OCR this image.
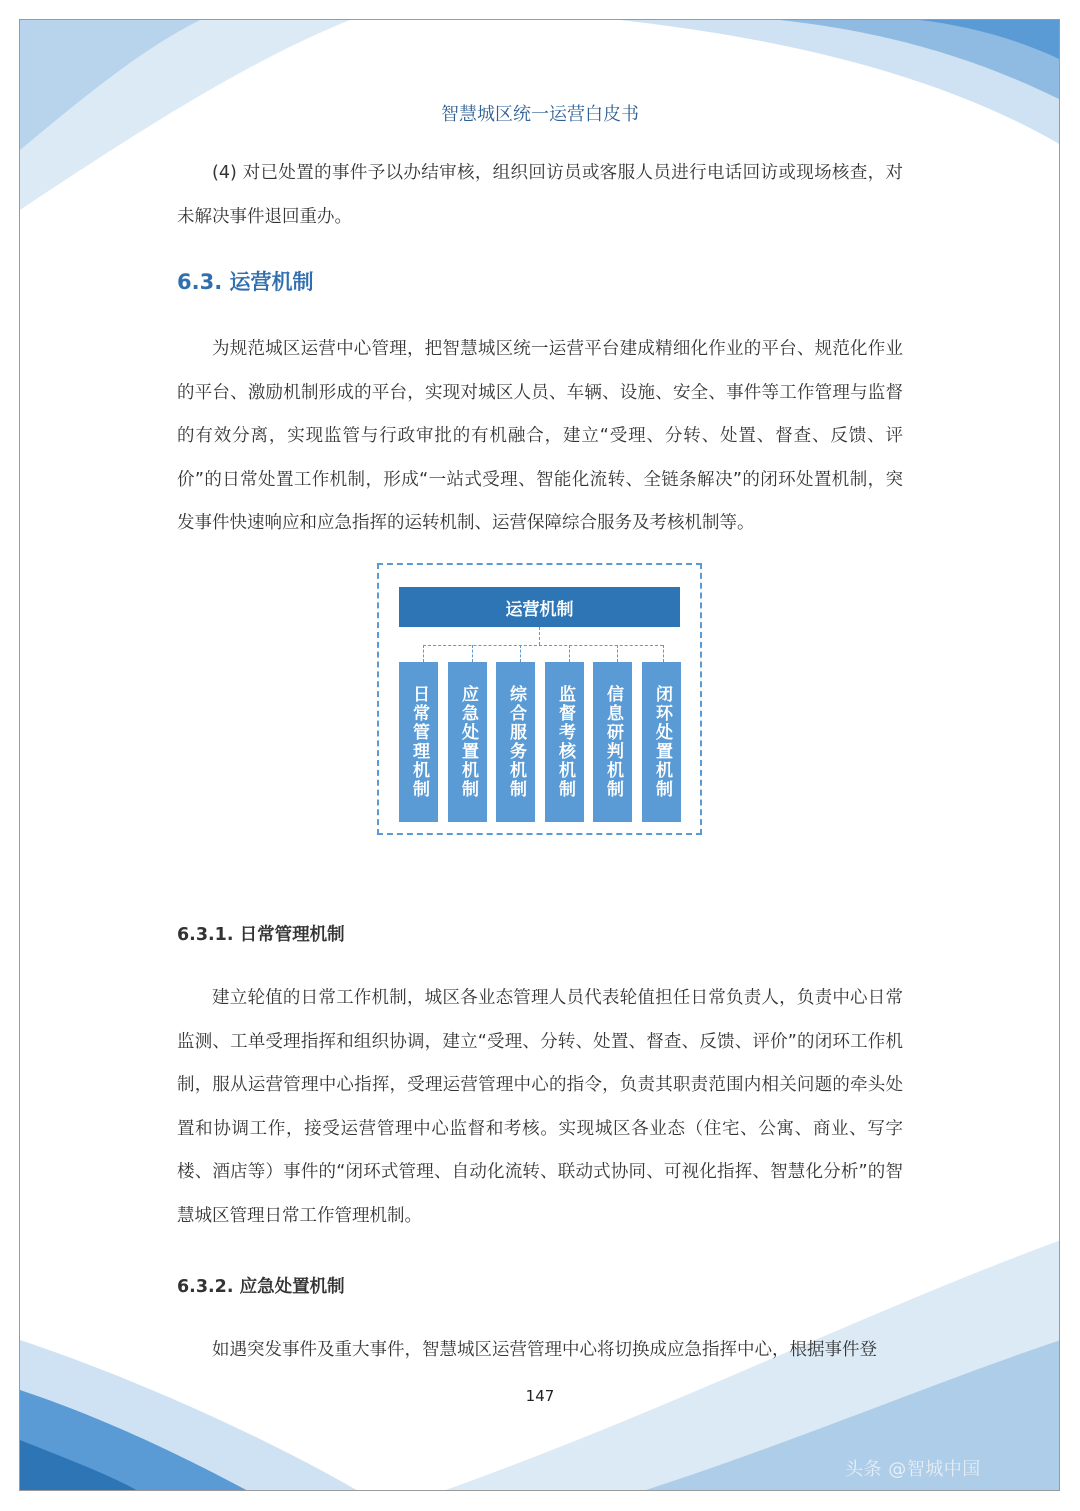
智慧城区统一运营白皮书

(4) 对已处置的事件予以办结审核，组织回访员或客服人员进行电话回访或现场核查，对未解决事件退回重办。

6.3. 运营机制

为规范城区运营中心管理，把智慧城区统一运营平台建成精细化作业的平台、规范化作业的平台、激励机制形成的平台，实现对城区人员、车辆、设施、安全、事件等工作管理与监督的有效分离，实现监管与行政审批的有机融合，建立“受理、分转、处置、督查、反馈、评价”的日常处置工作机制，形成“一站式受理、智能化流转、全链条解决”的闭环处置机制，突发事件快速响应和应急指挥的运转机制、运营保障综合服务及考核机制等。

运营机制
日常管理机制	应急处置机制	综合服务机制	监督考核机制	信息研判机制	闭环处置机制
6.3.1. 日常管理机制

建立轮值的日常工作机制，城区各业态管理人员代表轮值担任日常负责人，负责中心日常监测、工单受理指挥和组织协调，建立“受理、分转、处置、督查、反馈、评价”的闭环工作机制，服从运营管理中心指挥，受理运营管理中心的指令，负责其职责范围内相关问题的牵头处置和协调工作，接受运营管理中心监督和考核。实现城区各业态（住宅、公寓、商业、写字楼、酒店等）事件的“闭环式管理、自动化流转、联动式协同、可视化指挥、智慧化分析”的智慧城区管理日常工作管理机制。

6.3.2. 应急处置机制

如遇突发事件及重大事件，智慧城区运营管理中心将切换成应急指挥中心，根据事件登

147
头条 @智城中国
